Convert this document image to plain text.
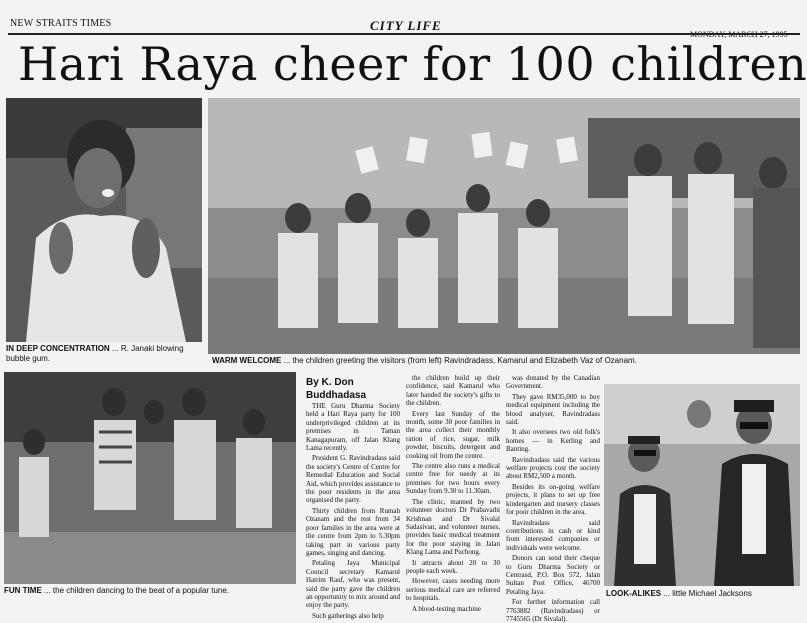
NEW STRAITS TIMES	CITY LIFE
Hari Raya cheer for 100 children
IN DEEP CONCENTRATION ... R. Janaki blowing bubble gum.	WARM WELCOME ... the children greeting the visitors (from left) Ravindradass, Kamarul and Elizabeth Vaz of Ozanam.
FUN TIME ... the children dancing to the beat of a popular tune.
By K. Don Buddhadasa

THE Guru Dharma Society held a Hari Raya party for 100 underprivileged children at its premises in Taman Kanagapuram, off Jalan Klang Lama recently.

President G. Ravindradass said the society's Centre of Centre for Remedial Education and Social Aid, which provides assistance to the poor residents in the area organised the party.

Thirty children from Rumah Ozanam and the rest from 34 poor families in the area were at the centre from 2pm to 5.30pm taking part in various party games, singing and dancing.

Petaling Jaya Municipal Council secretary Kamarul Hatrim Rauf, who was present, said the party gave the children an opportunity to mix around and enjoy the party.

Such gatherings also help

the children build up their confidence, said Kamarul who later handed the society's gifts to the children.

Every last Sunday of the month, some 30 poor families in the area collect their monthly ration of rice, sugar, milk powder, biscuits, detergent and cooking oil from the centre.

The centre also runs a medical centre free for needy at its premises for two hours every Sunday from 9.30 to 11.30am.

The clinic, manned by two volunteer doctors Dr Prabavathi Krishnan and Dr Sivalal Sadasivan, and volunteer nurses, provides basic medical treatment for the poor staying in Jalan Klang Lama and Puchong.

It attracts about 20 to 30 people each week.

However, cases needing more serious medical care are referred to hospitals.

A blood-testing machine

was donated by the Canadian Government.

They gave RM35,000 to buy medical equipment including the blood analyser, Ravindradass said.

It also oversees two old folk's homes — in Kerling and Banting.

Ravindradass said the various welfare projects cost the society about RM2,500 a month.

Besides its on-going welfare projects, it plans to set up free kindergarten and nursery classes for poor children in the area.

Ravindradass said contributions in cash or kind from interested companies or individuals were welcome.

Donors can send their cheque to Guru Dharma Society or Centrasd, P.O. Box 572, Jalan Sultan Post Office, 46700 Petaling Jaya.

For further information call 7763882 (Ravindradass) or 7745565 (Dr Sivalal).

LOOK-ALIKES ... little Michael Jacksons
